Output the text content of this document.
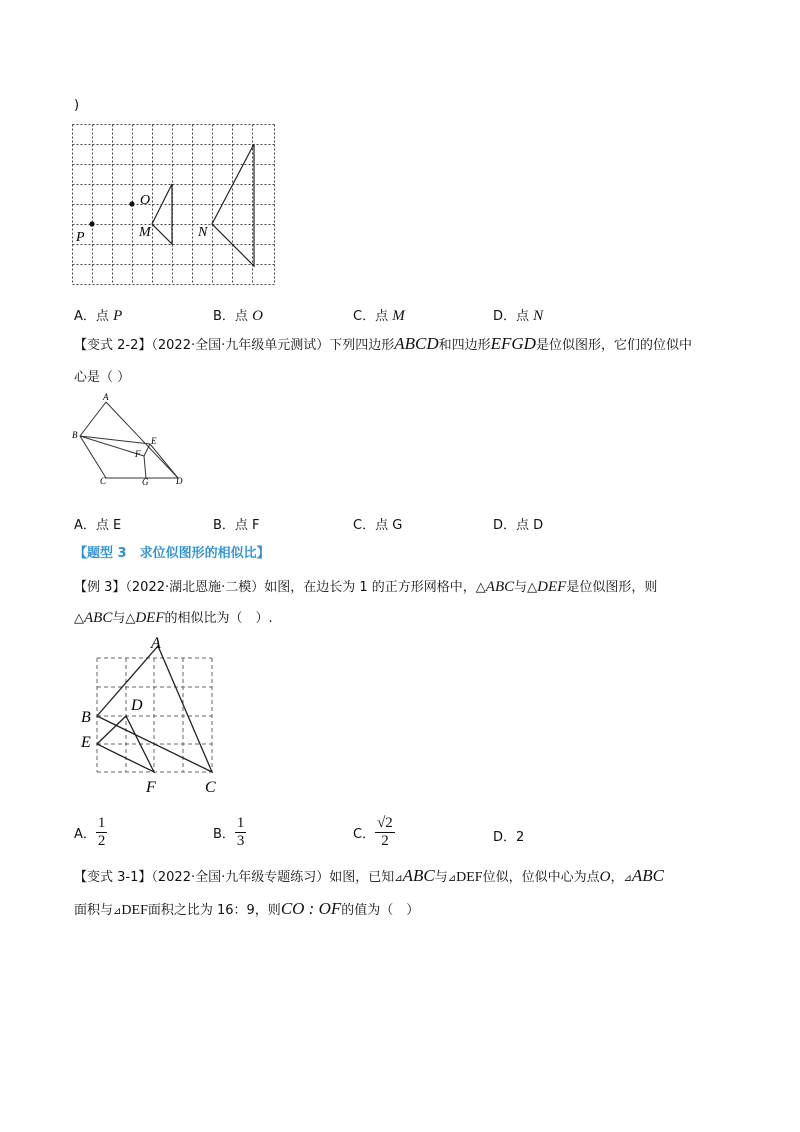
)
P
O
M	N
A．点 P	B．点 O	C．点 M	D．点 N
【变式 2-2】（2022·全国·九年级单元测试）下列四边形ABCD和四边形EFGD是位似图形，它们的位似中
心是（ ）
A
B
C	D
E
F
G
A．点 E	B．点 F	C．点 G	D．点 D
【题型 3　求位似图形的相似比】
【例 3】（2022·湖北恩施·二模）如图，在边长为 1 的正方形网格中，△ABC与△DEF是位似图形，则
△ABC与△DEF的相似比为（　）.
A
B
C
D
E
F
A． $\frac{1}{2}$	B． $\frac{1}{3}$	C． $\frac{√2}{2}$	D．2
【变式 3-1】（2022·全国·九年级专题练习）如图，已知⊿ABC与⊿DEF位似，位似中心为点O，⊿ABC
面积与⊿DEF面积之比为 16：9，则CO : OF的值为（　）
